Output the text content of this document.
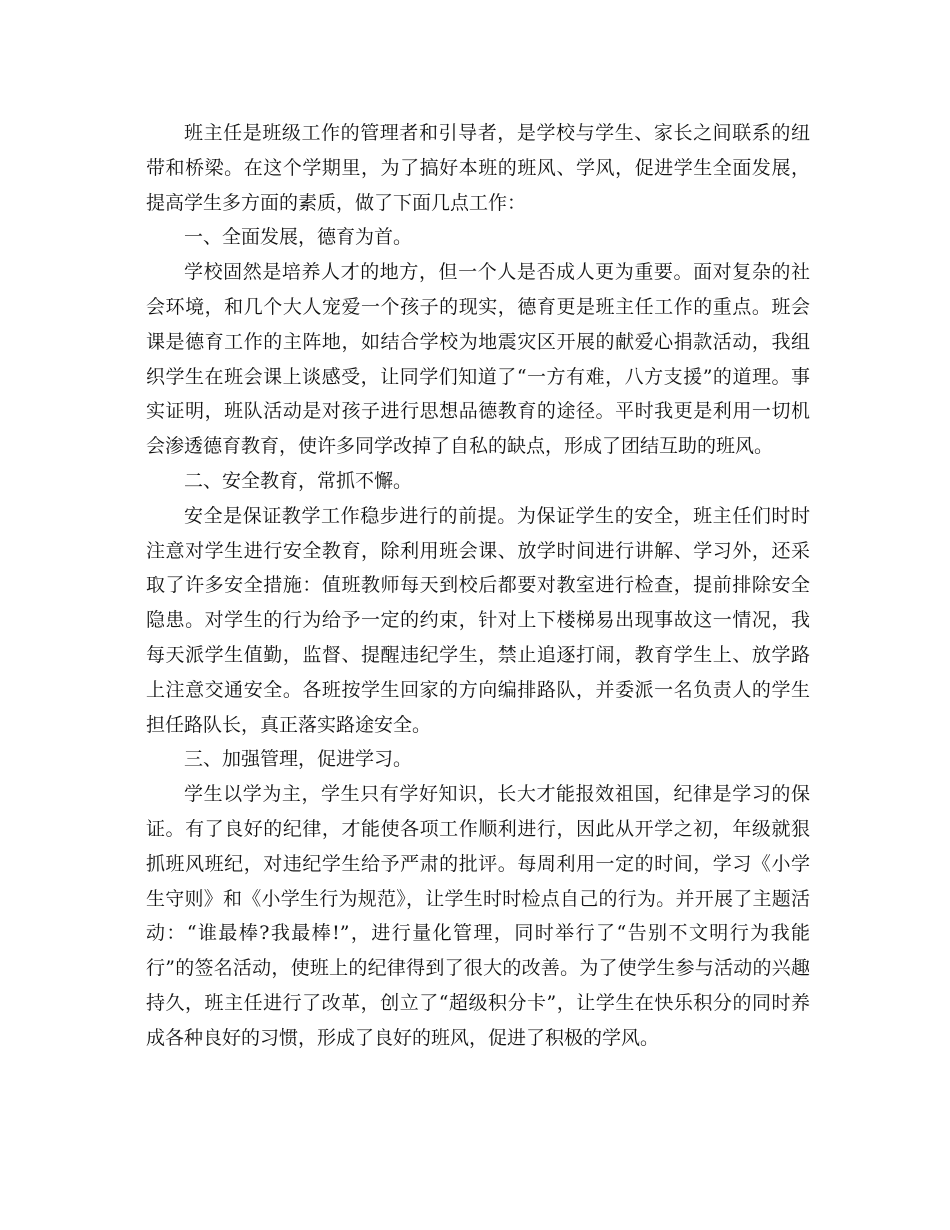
班主任是班级工作的管理者和引导者，是学校与学生、家长之间联系的纽带和桥梁。在这个学期里，为了搞好本班的班风、学风，促进学生全面发展，提高学生多方面的素质，做了下面几点工作：

一、全面发展，德育为首。

学校固然是培养人才的地方，但一个人是否成人更为重要。面对复杂的社会环境，和几个大人宠爱一个孩子的现实，德育更是班主任工作的重点。班会课是德育工作的主阵地，如结合学校为地震灾区开展的献爱心捐款活动，我组织学生在班会课上谈感受，让同学们知道了“一方有难，八方支援”的道理。事实证明，班队活动是对孩子进行思想品德教育的途径。平时我更是利用一切机会渗透德育教育，使许多同学改掉了自私的缺点，形成了团结互助的班风。

二、安全教育，常抓不懈。

安全是保证教学工作稳步进行的前提。为保证学生的安全，班主任们时时注意对学生进行安全教育，除利用班会课、放学时间进行讲解、学习外，还采取了许多安全措施：值班教师每天到校后都要对教室进行检查，提前排除安全隐患。对学生的行为给予一定的约束，针对上下楼梯易出现事故这一情况，我每天派学生值勤，监督、提醒违纪学生，禁止追逐打闹，教育学生上、放学路上注意交通安全。各班按学生回家的方向编排路队，并委派一名负责人的学生担任路队长，真正落实路途安全。

三、加强管理，促进学习。

学生以学为主，学生只有学好知识，长大才能报效祖国，纪律是学习的保证。有了良好的纪律，才能使各项工作顺利进行，因此从开学之初，年级就狠抓班风班纪，对违纪学生给予严肃的批评。每周利用一定的时间，学习《小学生守则》和《小学生行为规范》，让学生时时检点自己的行为。并开展了主题活动：“谁最棒?我最棒!”，进行量化管理，同时举行了“告别不文明行为我能行”的签名活动，使班上的纪律得到了很大的改善。为了使学生参与活动的兴趣持久，班主任进行了改革，创立了“超级积分卡”，让学生在快乐积分的同时养成各种良好的习惯，形成了良好的班风，促进了积极的学风。
